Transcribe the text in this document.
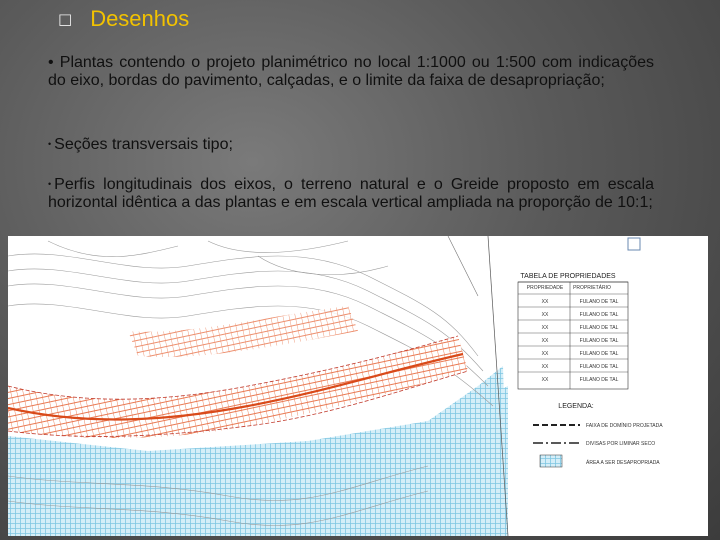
□ Desenhos
• Plantas contendo o projeto planimétrico no local 1:1000 ou 1:500 com indicações do eixo, bordas do pavimento, calçadas, e o limite da faixa de desapropriação;
• Seções transversais tipo;
• Perfis longitudinais dos eixos, o terreno natural e o Greide proposto em escala horizontal idêntica a das plantas e em escala vertical ampliada na proporção de 10:1;
TABELA DE PROPRIEDADES
PROPRIEDADE PROPRIETÁRIO
XX	FULANO DE TAL
XX	FULANO DE TAL
XX	FULANO DE TAL
XX	FULANO DE TAL
XX	FULANO DE TAL
XX	FULANO DE TAL
XX	FULANO DE TAL
LEGENDA:
FAIXA DE DOMÍNIO PROJETADA
DIVISAS POR LIMINAR SECO
ÁREA A SER DESAPROPRIADA
